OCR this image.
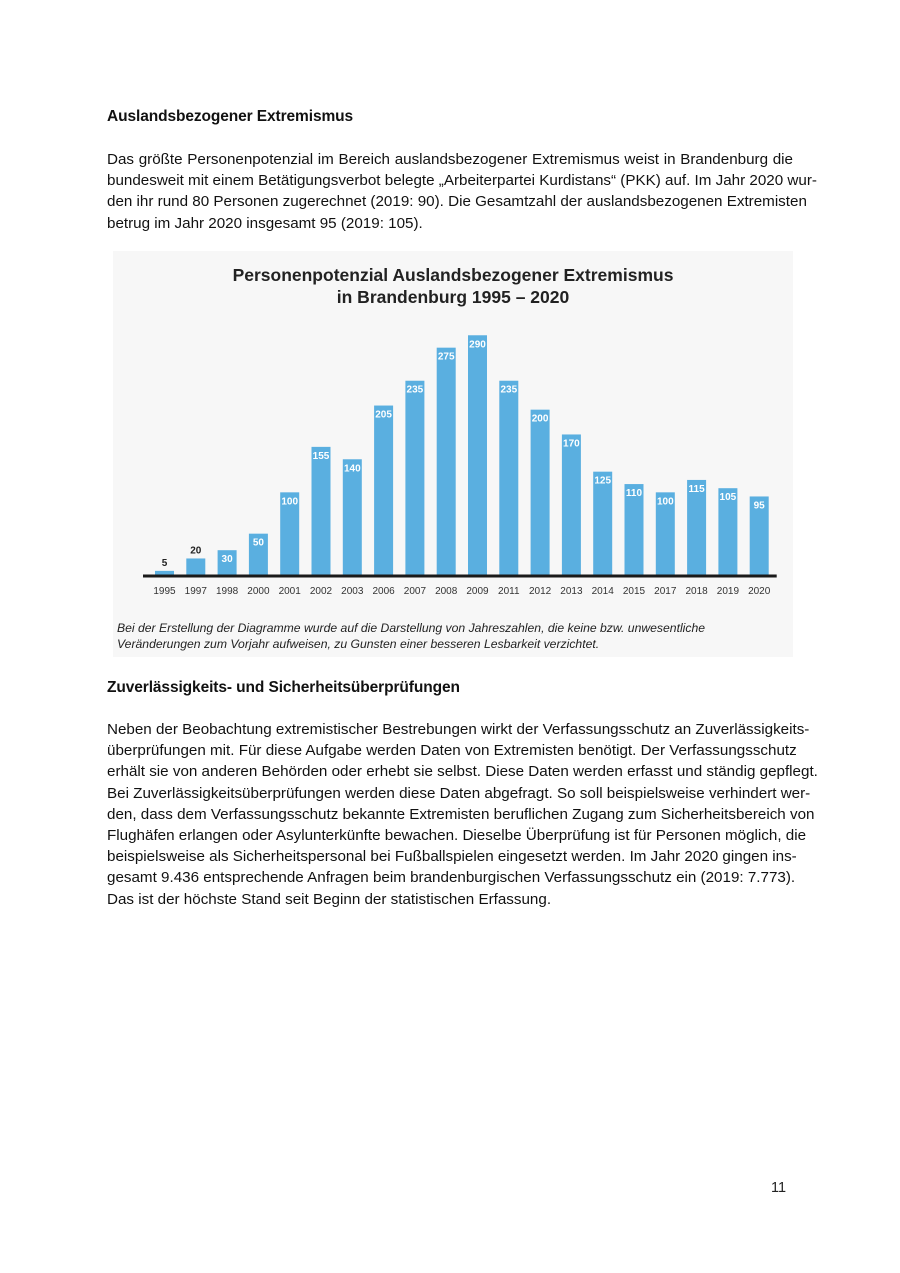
Auslandsbezogener Extremismus
Das größte Personenpotenzial im Bereich auslandsbezogener Extremismus weist in Brandenburg die
bundesweit mit einem Betätigungsverbot belegte „Arbeiterpartei Kurdistans“ (PKK) auf. Im Jahr 2020 wur-
den ihr rund 80 Personen zugerechnet (2019: 90). Die Gesamtzahl der auslandsbezogenen Extremisten
betrug im Jahr 2020 insgesamt 95 (2019: 105).
Personenpotenzial Auslandsbezogener Extremismus
in Brandenburg 1995 – 2020
5
1995
20
1997
30
1998
50
2000
100
2001
155
2002
140
2003
205
2006
235
2007
275
2008
290
2009
235
2011
200
2012
170
2013
125
2014
110
2015
100
2017
115
2018
105
2019
95
2020
Bei der Erstellung der Diagramme wurde auf die Darstellung von Jahreszahlen, die keine bzw. unwesentliche
Veränderungen zum Vorjahr aufweisen, zu Gunsten einer besseren Lesbarkeit verzichtet.
Zuverlässigkeits- und Sicherheitsüberprüfungen
Neben der Beobachtung extremistischer Bestrebungen wirkt der Verfassungsschutz an Zuverlässigkeits-
überprüfungen mit. Für diese Aufgabe werden Daten von Extremisten benötigt. Der Verfassungsschutz
erhält sie von anderen Behörden oder erhebt sie selbst. Diese Daten werden erfasst und ständig gepflegt.
Bei Zuverlässigkeitsüberprüfungen werden diese Daten abgefragt. So soll beispielsweise verhindert wer-
den, dass dem Verfassungsschutz bekannte Extremisten beruflichen Zugang zum Sicherheitsbereich von
Flughäfen erlangen oder Asylunterkünfte bewachen. Dieselbe Überprüfung ist für Personen möglich, die
beispielsweise als Sicherheitspersonal bei Fußballspielen eingesetzt werden. Im Jahr 2020 gingen ins-
gesamt 9.436 entsprechende Anfragen beim brandenburgischen Verfassungsschutz ein (2019: 7.773).
Das ist der höchste Stand seit Beginn der statistischen Erfassung.
11
